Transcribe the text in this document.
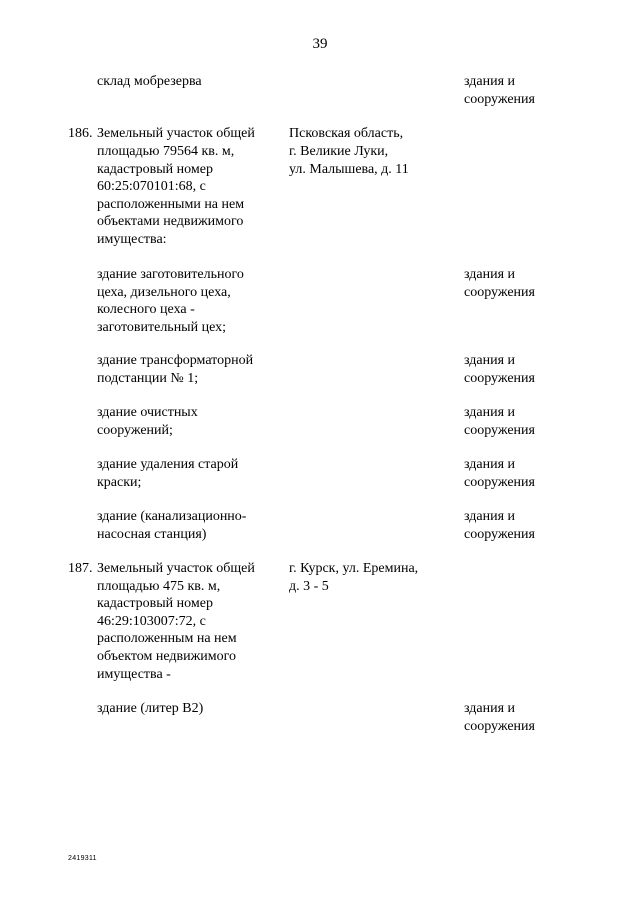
39
склад мобрезерва	здания и
сооружения
186. Земельный участок общей
площадью 79564 кв. м,
кадастровый номер
60:25:070101:68, с
расположенными на нем
объектами недвижимого
имущества:
Псковская область,
г. Великие Луки,
ул. Малышева, д. 11
здание заготовительного
цеха, дизельного цеха,
колесного цеха -
заготовительный цех;
здания и
сооружения
здание трансформаторной
подстанции № 1;
здания и
сооружения
здание очистных
сооружений;
здания и
сооружения
здание удаления старой
краски;
здания и
сооружения
здание (канализационно-
насосная станция)
здания и
сооружения
187. Земельный участок общей
площадью 475 кв. м,
кадастровый номер
46:29:103007:72, с
расположенным на нем
объектом недвижимого
имущества -
г. Курск, ул. Еремина,
д. 3 - 5
здание (литер В2)	здания и
сооружения
2419311
